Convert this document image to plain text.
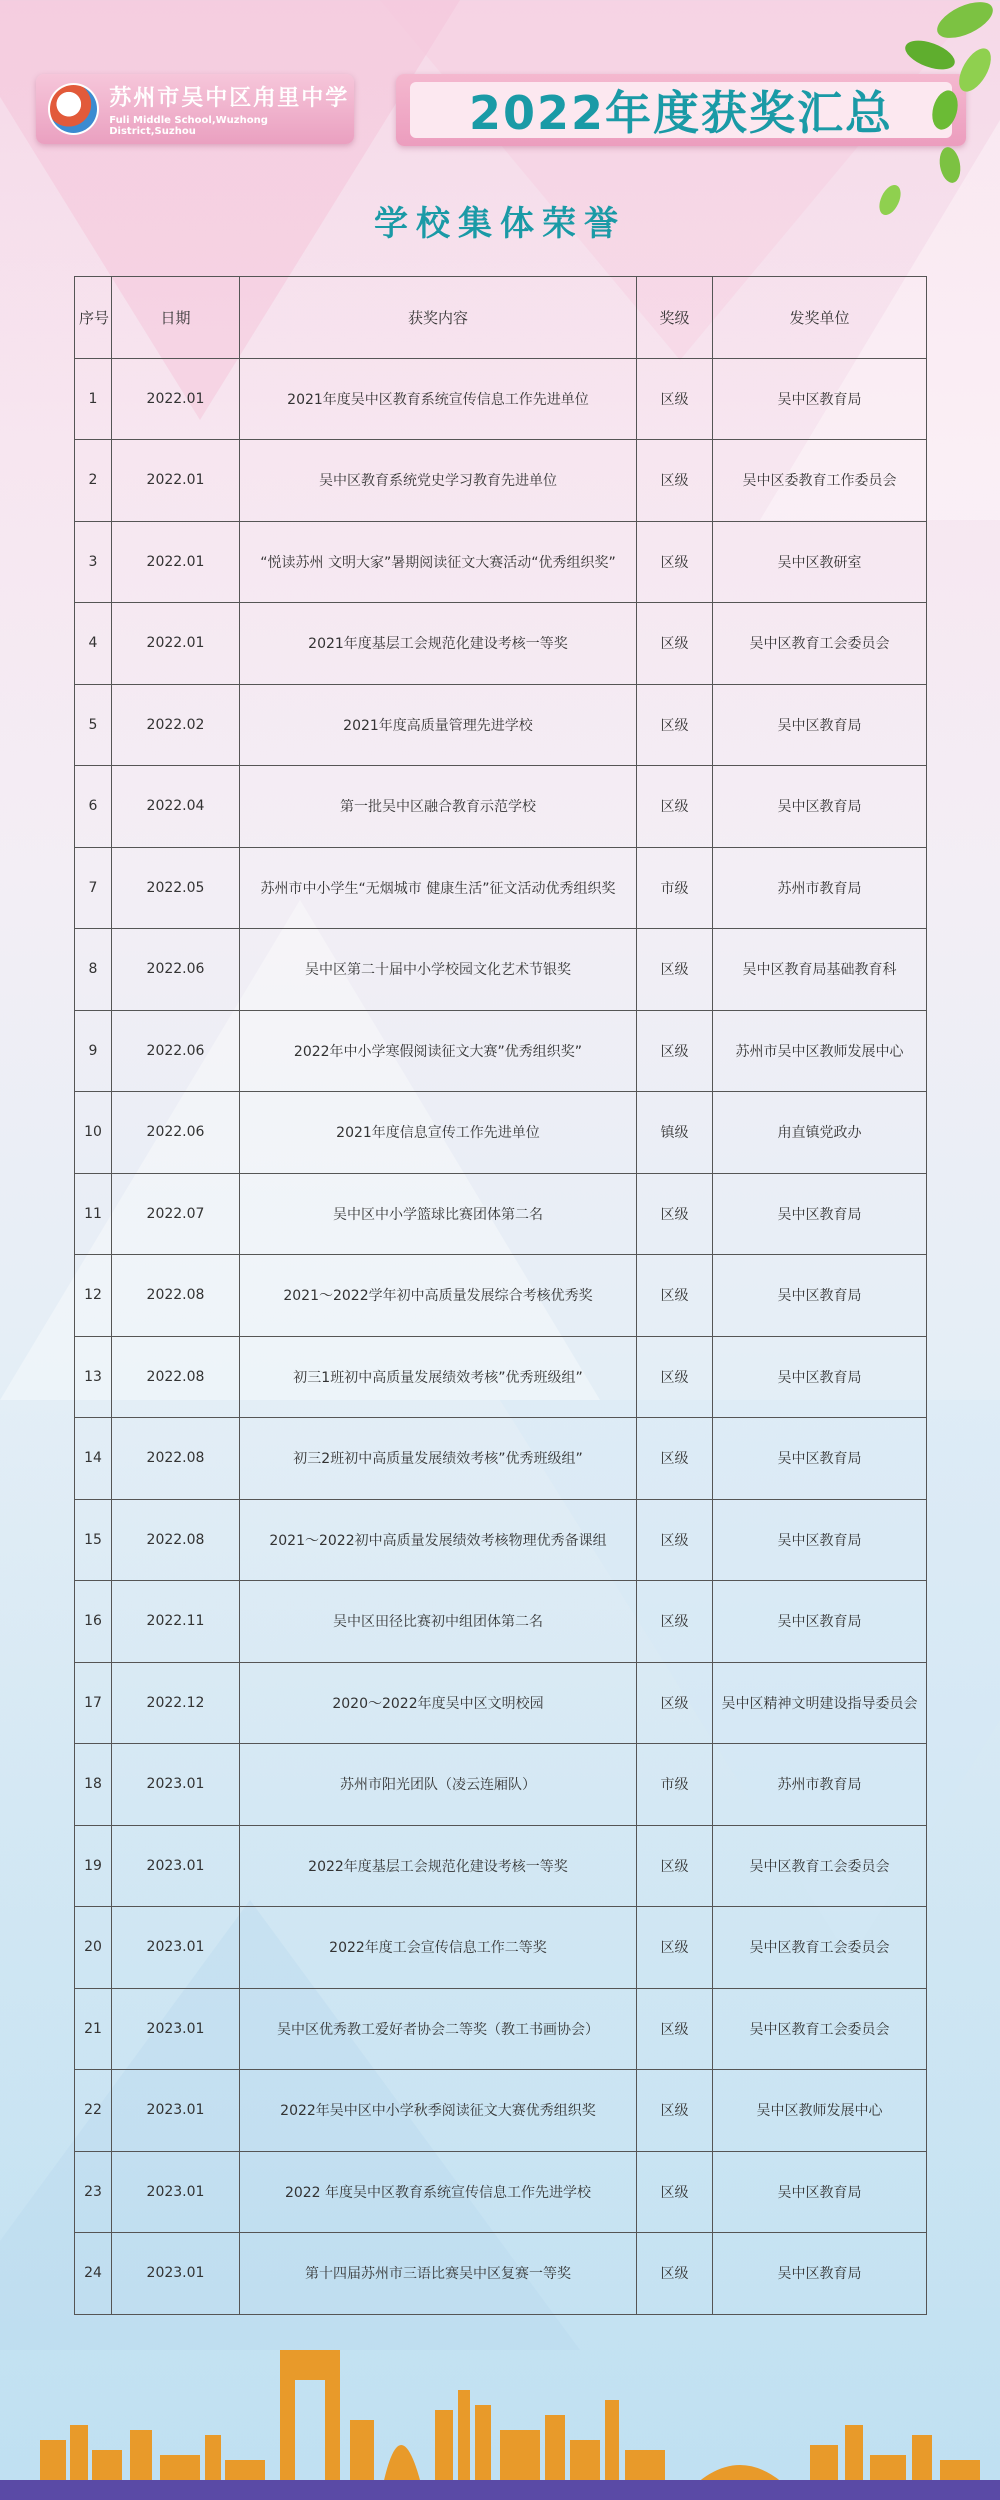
苏州市吴中区甪里中学
Fuli Middle School,Wuzhong District,Suzhou	2022年度获奖汇总
学校集体荣誉
序号	日期	获奖内容	奖级	发奖单位
1	2022.01	2021年度吴中区教育系统宣传信息工作先进单位	区级	吴中区教育局
2	2022.01	吴中区教育系统党史学习教育先进单位	区级	吴中区委教育工作委员会
3	2022.01	“悦读苏州 文明大家”暑期阅读征文大赛活动“优秀组织奖”	区级	吴中区教研室
4	2022.01	2021年度基层工会规范化建设考核一等奖	区级	吴中区教育工会委员会
5	2022.02	2021年度高质量管理先进学校	区级	吴中区教育局
6	2022.04	第一批吴中区融合教育示范学校	区级	吴中区教育局
7	2022.05	苏州市中小学生“无烟城市 健康生活”征文活动优秀组织奖	市级	苏州市教育局
8	2022.06	吴中区第二十届中小学校园文化艺术节银奖	区级	吴中区教育局基础教育科
9	2022.06	2022年中小学寒假阅读征文大赛”优秀组织奖”	区级	苏州市吴中区教师发展中心
10	2022.06	2021年度信息宣传工作先进单位	镇级	甪直镇党政办
11	2022.07	吴中区中小学篮球比赛团体第二名	区级	吴中区教育局
12	2022.08	2021～2022学年初中高质量发展综合考核优秀奖	区级	吴中区教育局
13	2022.08	初三1班初中高质量发展绩效考核”优秀班级组”	区级	吴中区教育局
14	2022.08	初三2班初中高质量发展绩效考核”优秀班级组”	区级	吴中区教育局
15	2022.08	2021～2022初中高质量发展绩效考核物理优秀备课组	区级	吴中区教育局
16	2022.11	吴中区田径比赛初中组团体第二名	区级	吴中区教育局
17	2022.12	2020～2022年度吴中区文明校园	区级	吴中区精神文明建设指导委员会
18	2023.01	苏州市阳光团队（凌云连厢队）	市级	苏州市教育局
19	2023.01	2022年度基层工会规范化建设考核一等奖	区级	吴中区教育工会委员会
20	2023.01	2022年度工会宣传信息工作二等奖	区级	吴中区教育工会委员会
21	2023.01	吴中区优秀教工爱好者协会二等奖（教工书画协会）	区级	吴中区教育工会委员会
22	2023.01	2022年吴中区中小学秋季阅读征文大赛优秀组织奖	区级	吴中区教师发展中心
23	2023.01	2022 年度吴中区教育系统宣传信息工作先进学校	区级	吴中区教育局
24	2023.01	第十四届苏州市三语比赛吴中区复赛一等奖	区级	吴中区教育局
